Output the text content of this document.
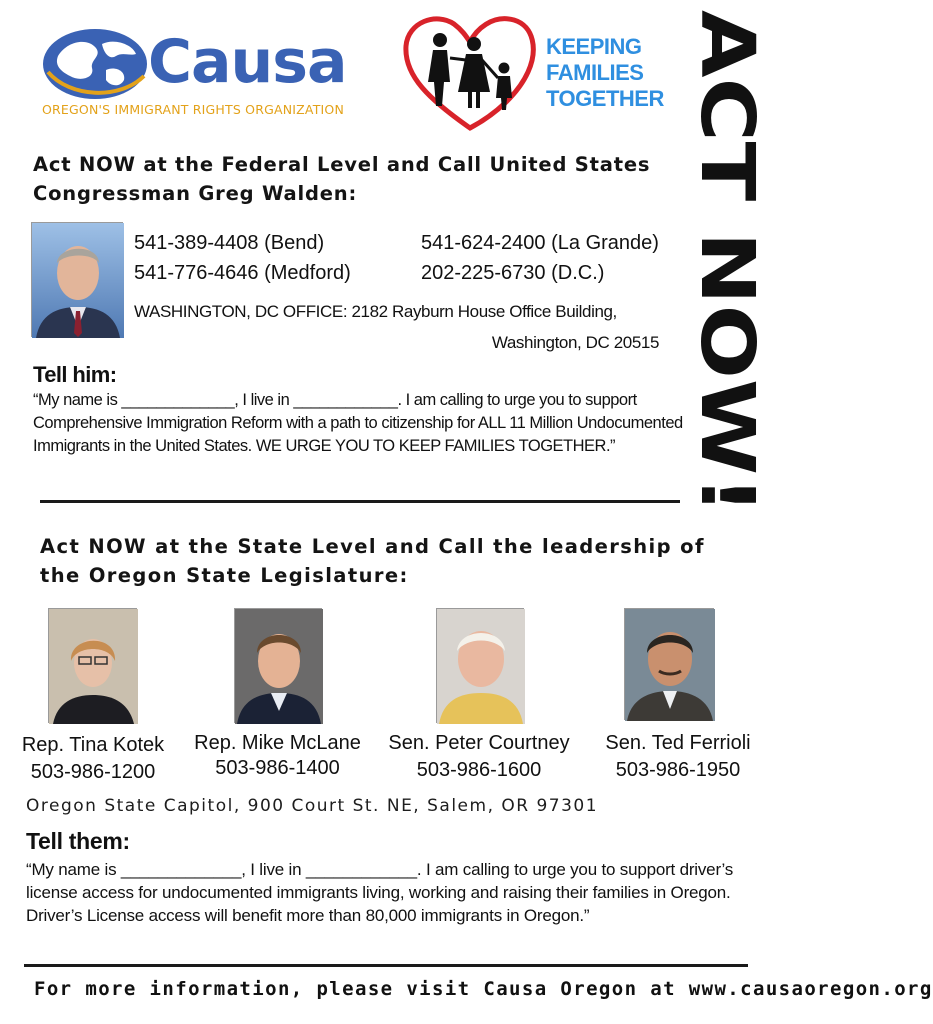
Causa
OREGON'S IMMIGRANT RIGHTS ORGANIZATION
KEEPING
FAMILIES
TOGETHER ACT NOW!
Act NOW at the Federal Level and Call United States
Congressman Greg Walden:
541-389-4408 (Bend)	541-624-2400 (La Grande)
541-776-4646 (Medford)	202-225-6730 (D.C.)
WASHINGTON, DC OFFICE: 2182 Rayburn House Office Building,
Washington, DC 20515
Tell him:
“My name is _____________, I live in ____________. I am calling to urge you to support Comprehensive Immigration Reform with a path to citizenship for ALL 11 Million Undocumented Immigrants in the United States. WE URGE YOU TO KEEP FAMILIES TOGETHER.”
Act NOW at the State Level and Call the leadership of
the Oregon State Legislature:
Rep. Tina Kotek
503-986-1200
Rep. Mike McLane
503-986-1400
Sen. Peter Courtney
503-986-1600
Sen. Ted Ferrioli
503-986-1950
Oregon State Capitol, 900 Court St. NE, Salem, OR 97301
Tell them:
“My name is _____________, I live in ____________. I am calling to urge you to support driver’s license access for undocumented immigrants living, working and raising their families in Oregon. Driver’s License access will benefit more than 80,000 immigrants in Oregon.”
For more information, please visit Causa Oregon at www.causaoregon.org
